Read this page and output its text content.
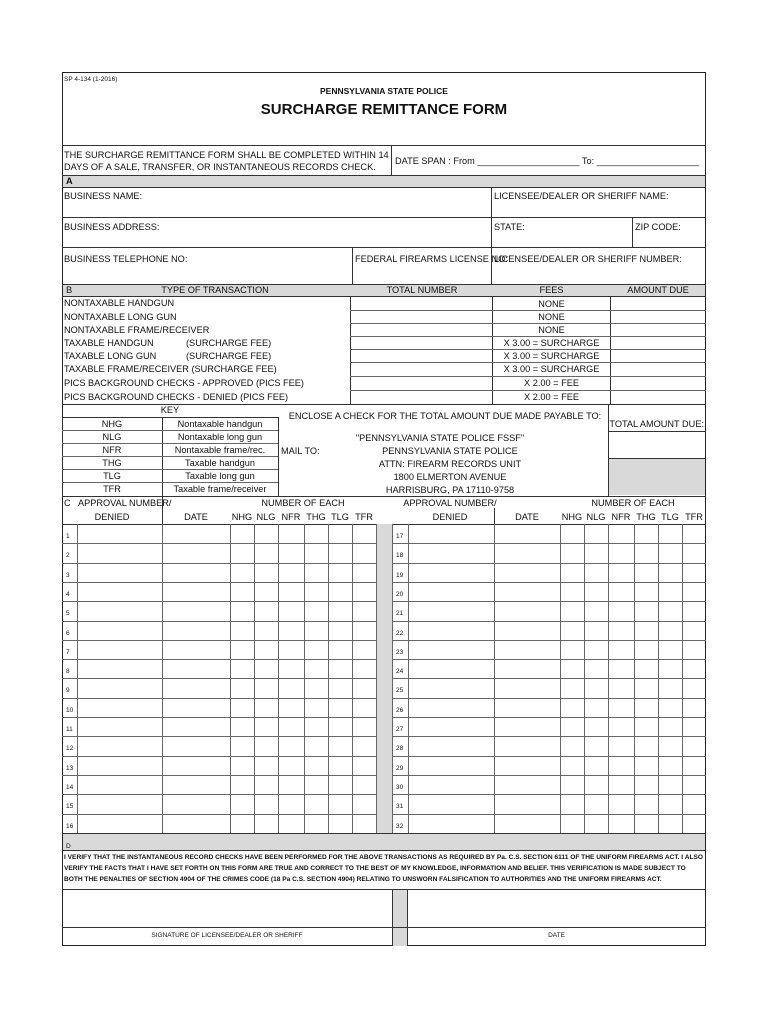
SP 4-134 (1-2016)
PENNSYLVANIA STATE POLICE
SURCHARGE REMITTANCE FORM
THE SURCHARGE REMITTANCE FORM SHALL BE COMPLETED WITHIN 14
DAYS OF A SALE, TRANSFER, OR INSTANTANEOUS RECORDS CHECK.
DATE SPAN : From ____________________ To: ____________________
A
BUSINESS NAME:	LICENSEE/DEALER OR SHERIFF NAME:
BUSINESS ADDRESS:	STATE:	ZIP CODE:
BUSINESS TELEPHONE NO:	FEDERAL FIREARMS LICENSE NO:
LICENSEE/DEALER OR SHERIFF NUMBER:
B	TYPE OF TRANSACTION	TOTAL NUMBER	FEES	AMOUNT DUE
NONTAXABLE HANDGUN	NONE
NONTAXABLE LONG GUN	NONE
NONTAXABLE FRAME/RECEIVER	NONE
TAXABLE HANDGUN	(SURCHARGE FEE)	X 3.00 = SURCHARGE
TAXABLE LONG GUN	(SURCHARGE FEE)	X 3.00 = SURCHARGE
TAXABLE FRAME/RECEIVER (SURCHARGE FEE)	X 3.00 = SURCHARGE
PICS BACKGROUND CHECKS - APPROVED (PICS FEE)	X 2.00 = FEE
PICS BACKGROUND CHECKS - DENIED (PICS FEE)	X 2.00 = FEE
KEY
NHG	Nontaxable handgun
NLG	Nontaxable long gun
NFR	Nontaxable frame/rec.
THG	Taxable handgun
TLG	Taxable long gun
TFR	Taxable frame/receiver
ENCLOSE A CHECK FOR THE TOTAL AMOUNT DUE MADE PAYABLE TO:
"PENNSYLVANIA STATE POLICE FSSF"
MAIL TO:	PENNSYLVANIA STATE POLICE
ATTN: FIREARM RECORDS UNIT
1800 ELMERTON AVENUE
HARRISBURG, PA 17110-9758
TOTAL AMOUNT DUE:
C APPROVAL NUMBER/
DENIED	DATE
NUMBER OF EACH
NHG NLG NFR THG TLG TFR
APPROVAL NUMBER/
DENIED	DATE
NUMBER OF EACH
NHG NLG NFR THG TLG TFR
1
2
3
4
5
6
7
8
9
10
11
12
13
14
15
16
17
18
19
20
21
22
23
24
25
26
27
28
29
30
31
32
D
I VERIFY THAT THE INSTANTANEOUS RECORD CHECKS HAVE BEEN PERFORMED FOR THE ABOVE TRANSACTIONS AS REQUIRED BY Pa. C.S. SECTION 6111 OF THE UNIFORM FIREARMS ACT. I ALSO VERIFY THE FACTS THAT I HAVE SET FORTH ON THIS FORM ARE TRUE AND CORRECT TO THE BEST OF MY KNOWLEDGE, INFORMATION AND BELIEF. THIS VERIFICATION IS MADE SUBJECT TO BOTH THE PENALTIES OF SECTION 4904 OF THE CRIMES CODE (18 Pa C.S. SECTION 4904) RELATING TO UNSWORN FALSIFICATION TO AUTHORITIES AND THE UNIFORM FIREARMS ACT.
SIGNATURE OF LICENSEE/DEALER OR SHERIFF	DATE
